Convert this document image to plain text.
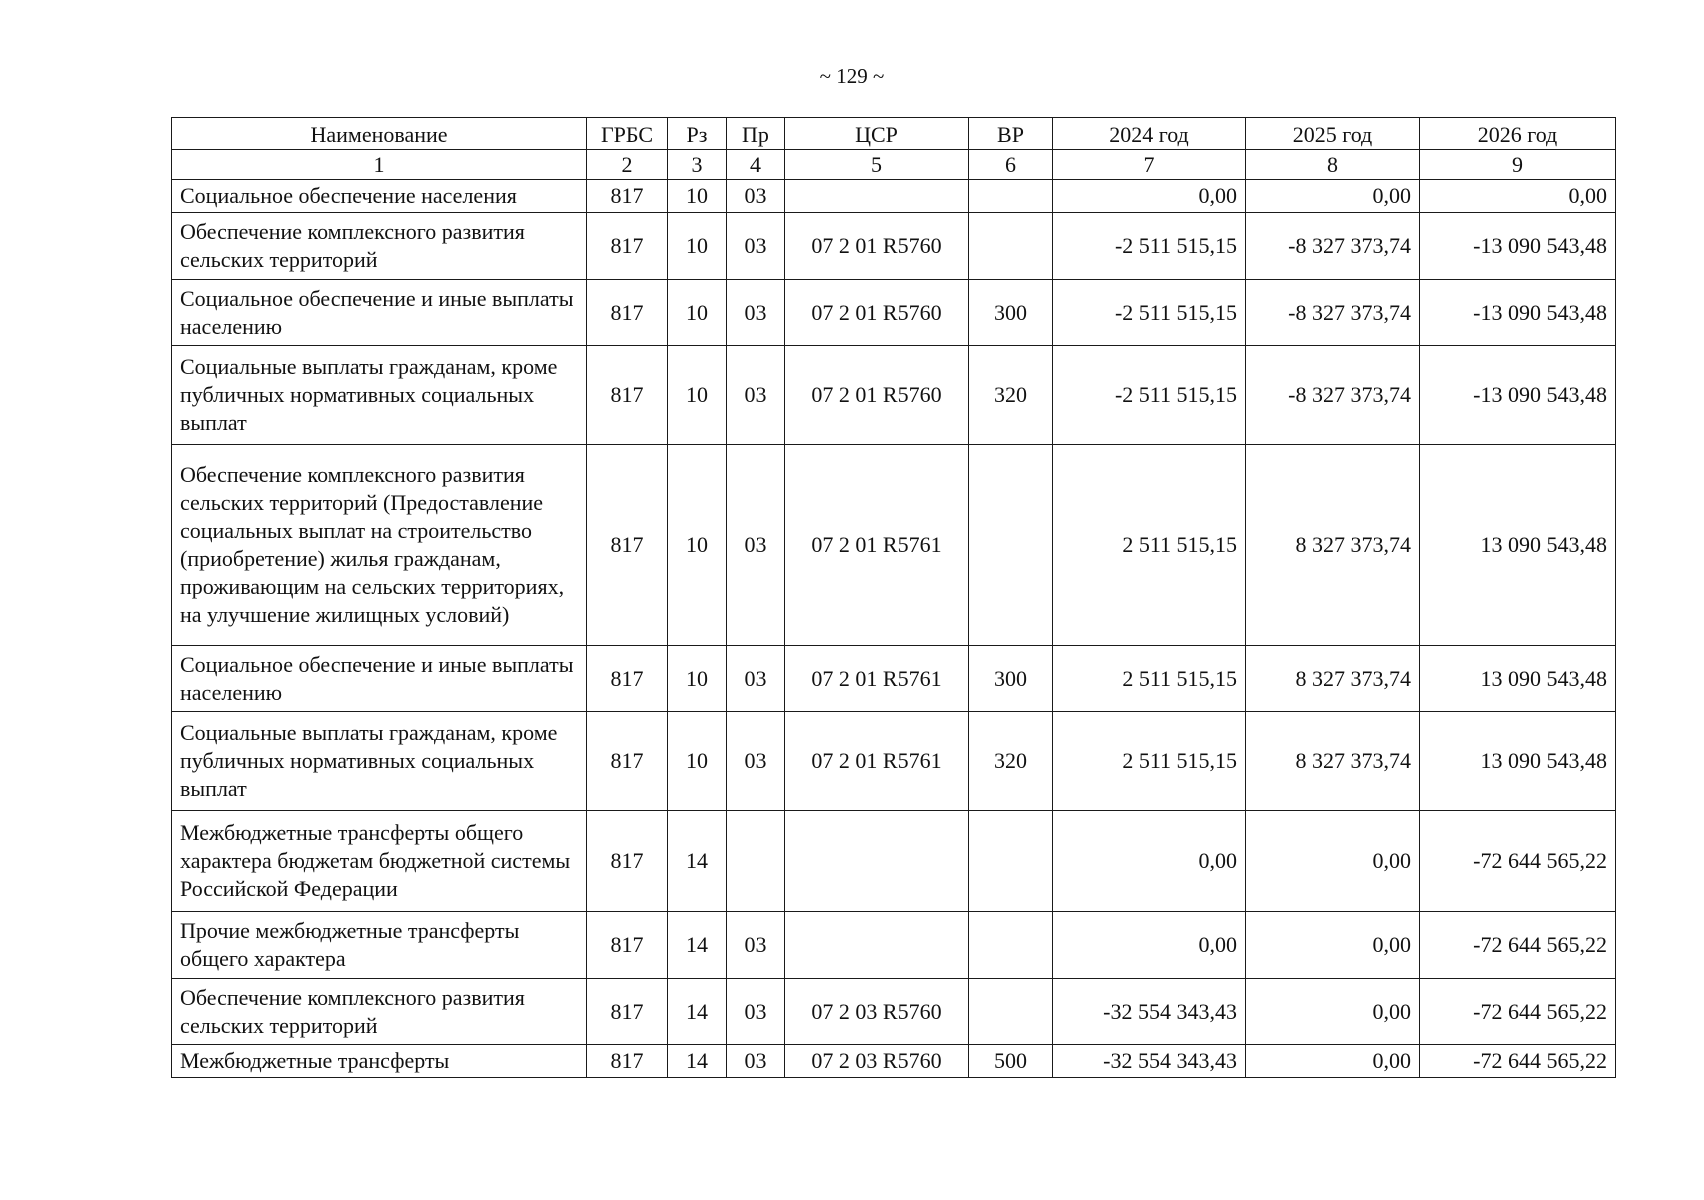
~ 129 ~
Наименование	ГРБС	Рз	Пр	ЦСР	ВР	2024 год	2025 год	2026 год
1	2	3	4	5	6	7	8	9
Социальное обеспечение населения	817	10	03			0,00	0,00	0,00
Обеспечение комплексного развития сельских территорий	817	10	03	07 2 01 R5760		-2 511 515,15	-8 327 373,74	-13 090 543,48
Социальное обеспечение и иные выплаты населению	817	10	03	07 2 01 R5760	300	-2 511 515,15	-8 327 373,74	-13 090 543,48
Социальные выплаты гражданам, кроме публичных нормативных социальных выплат	817	10	03	07 2 01 R5760	320	-2 511 515,15	-8 327 373,74	-13 090 543,48
Обеспечение комплексного развития сельских территорий (Предоставление социальных выплат на строительство (приобретение) жилья гражданам, проживающим на сельских территориях, на улучшение жилищных условий)	817	10	03	07 2 01 R5761		2 511 515,15	8 327 373,74	13 090 543,48
Социальное обеспечение и иные выплаты населению	817	10	03	07 2 01 R5761	300	2 511 515,15	8 327 373,74	13 090 543,48
Социальные выплаты гражданам, кроме публичных нормативных социальных выплат	817	10	03	07 2 01 R5761	320	2 511 515,15	8 327 373,74	13 090 543,48
Межбюджетные трансферты общего характера бюджетам бюджетной системы Российской Федерации	817	14				0,00	0,00	-72 644 565,22
Прочие межбюджетные трансферты общего характера	817	14	03			0,00	0,00	-72 644 565,22
Обеспечение комплексного развития сельских территорий	817	14	03	07 2 03 R5760		-32 554 343,43	0,00	-72 644 565,22
Межбюджетные трансферты	817	14	03	07 2 03 R5760	500	-32 554 343,43	0,00	-72 644 565,22
